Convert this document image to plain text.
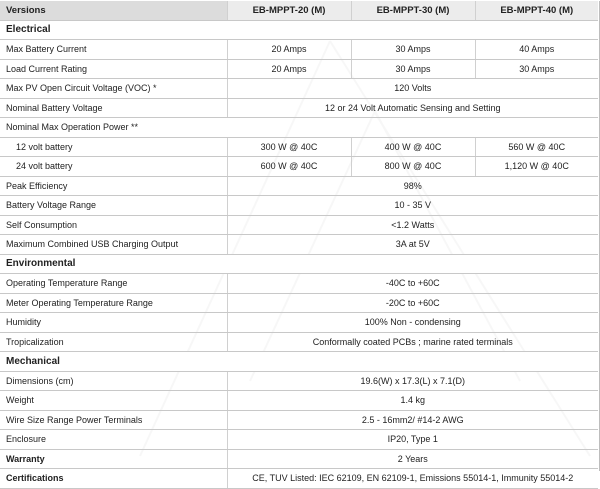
Versions	EB-MPPT-20 (M)	EB-MPPT-30 (M)	EB-MPPT-40 (M)
Electrical			
Max Battery Current	20 Amps	30 Amps	40 Amps
Load Current Rating	20 Amps	30 Amps	30 Amps
Max PV Open Circuit Voltage (VOC) *	120 Volts		
Nominal Battery Voltage	12 or 24 Volt Automatic Sensing and Setting		
Nominal Max Operation Power **			
12 volt battery	300 W @ 40C	400 W @ 40C	560 W @ 40C
24 volt battery	600 W @ 40C	800 W @ 40C	1,120 W @ 40C
Peak Efficiency	98%		
Battery Voltage Range	10 - 35 V		
Self Consumption	<1.2 Watts		
Maximum Combined USB Charging Output	3A at 5V		
Environmental			
Operating Temperature Range	-40C to +60C		
Meter Operating Temperature Range	-20C to +60C		
Humidity	100% Non - condensing		
Tropicalization	Conformally coated PCBs ; marine rated terminals		
Mechanical			
Dimensions (cm)	19.6(W) x 17.3(L) x 7.1(D)		
Weight	1.4 kg		
Wire Size Range Power Terminals	2.5 - 16mm2/ #14-2 AWG		
Enclosure	IP20, Type 1		
Warranty	2 Years		
Certifications	CE, TUV Listed: IEC 62109, EN 62109-1, Emissions 55014-1, Immunity 55014-2		
